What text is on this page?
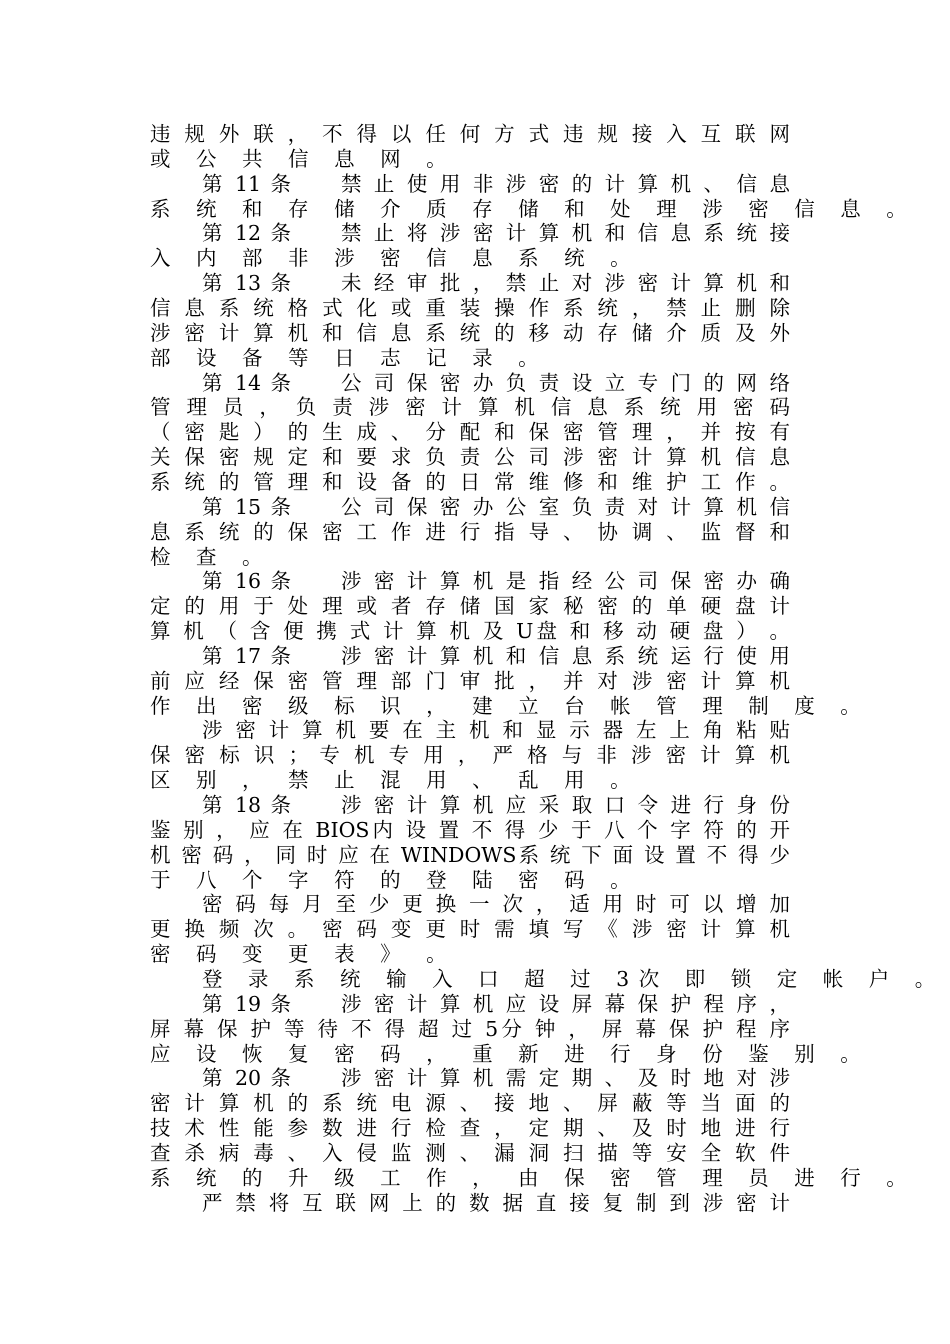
违 规 外 联 ， 不 得 以 任 何 方 式 违 规 接 入 互 联 网
或 公 共 信 息 网 。
第 11 条　　禁 止 使 用 非 涉 密 的 计 算 机 、 信 息
系 统 和 存 储 介 质 存 储 和 处 理 涉 密 信 息 。
第 12 条　　禁 止 将 涉 密 计 算 机 和 信 息 系 统 接
入 内 部 非 涉 密 信 息 系 统 。
第 13 条　　未 经 审 批 ， 禁 止 对 涉 密 计 算 机 和
信 息 系 统 格 式 化 或 重 装 操 作 系 统 ， 禁 止 删 除
涉 密 计 算 机 和 信 息 系 统 的 移 动 存 储 介 质 及 外
部 设 备 等 日 志 记 录 。
第 14 条　　公 司 保 密 办 负 责 设 立 专 门 的 网 络
管 理 员 ， 负 责 涉 密 计 算 机 信 息 系 统 用 密 码
（ 密 匙 ） 的 生 成 、 分 配 和 保 密 管 理 ， 并 按 有
关 保 密 规 定 和 要 求 负 责 公 司 涉 密 计 算 机 信 息
系 统 的 管 理 和 设 备 的 日 常 维 修 和 维 护 工 作 。
第 15 条　　公 司 保 密 办 公 室 负 责 对 计 算 机 信
息 系 统 的 保 密 工 作 进 行 指 导 、 协 调 、 监 督 和
检 查 。
第 16 条　　涉 密 计 算 机 是 指 经 公 司 保 密 办 确
定 的 用 于 处 理 或 者 存 储 国 家 秘 密 的 单 硬 盘 计
算 机 （ 含 便 携 式 计 算 机 及 U盘 和 移 动 硬 盘 ） 。
第 17 条　　涉 密 计 算 机 和 信 息 系 统 运 行 使 用
前 应 经 保 密 管 理 部 门 审 批 ， 并 对 涉 密 计 算 机
作 出 密 级 标 识 ， 建 立 台 帐 管 理 制 度 。
涉 密 计 算 机 要 在 主 机 和 显 示 器 左 上 角 粘 贴
保 密 标 识 ； 专 机 专 用 ， 严 格 与 非 涉 密 计 算 机
区 别 ， 禁 止 混 用 、 乱 用 。
第 18 条　　涉 密 计 算 机 应 采 取 口 令 进 行 身 份
鉴 别 ， 应 在 BIOS内 设 置 不 得 少 于 八 个 字 符 的 开
机 密 码 ， 同 时 应 在 WINDOWS系 统 下 面 设 置 不 得 少
于 八 个 字 符 的 登 陆 密 码 。
密 码 每 月 至 少 更 换 一 次 ， 适 用 时 可 以 增 加
更 换 频 次 。 密 码 变 更 时 需 填 写 《 涉 密 计 算 机
密 码 变 更 表 》 。
登 录 系 统 输 入 口 超 过 3次 即 锁 定 帐 户 。
第 19 条　　涉 密 计 算 机 应 设 屏 幕 保 护 程 序 ，
屏 幕 保 护 等 待 不 得 超 过 5分 钟 ， 屏 幕 保 护 程 序
应 设 恢 复 密 码 ， 重 新 进 行 身 份 鉴 别 。
第 20 条　　涉 密 计 算 机 需 定 期 、 及 时 地 对 涉
密 计 算 机 的 系 统 电 源 、 接 地 、 屏 蔽 等 当 面 的
技 术 性 能 参 数 进 行 检 查 ， 定 期 、 及 时 地 进 行
查 杀 病 毒 、 入 侵 监 测 、 漏 洞 扫 描 等 安 全 软 件
系 统 的 升 级 工 作 ， 由 保 密 管 理 员 进 行 。
严 禁 将 互 联 网 上 的 数 据 直 接 复 制 到 涉 密 计
